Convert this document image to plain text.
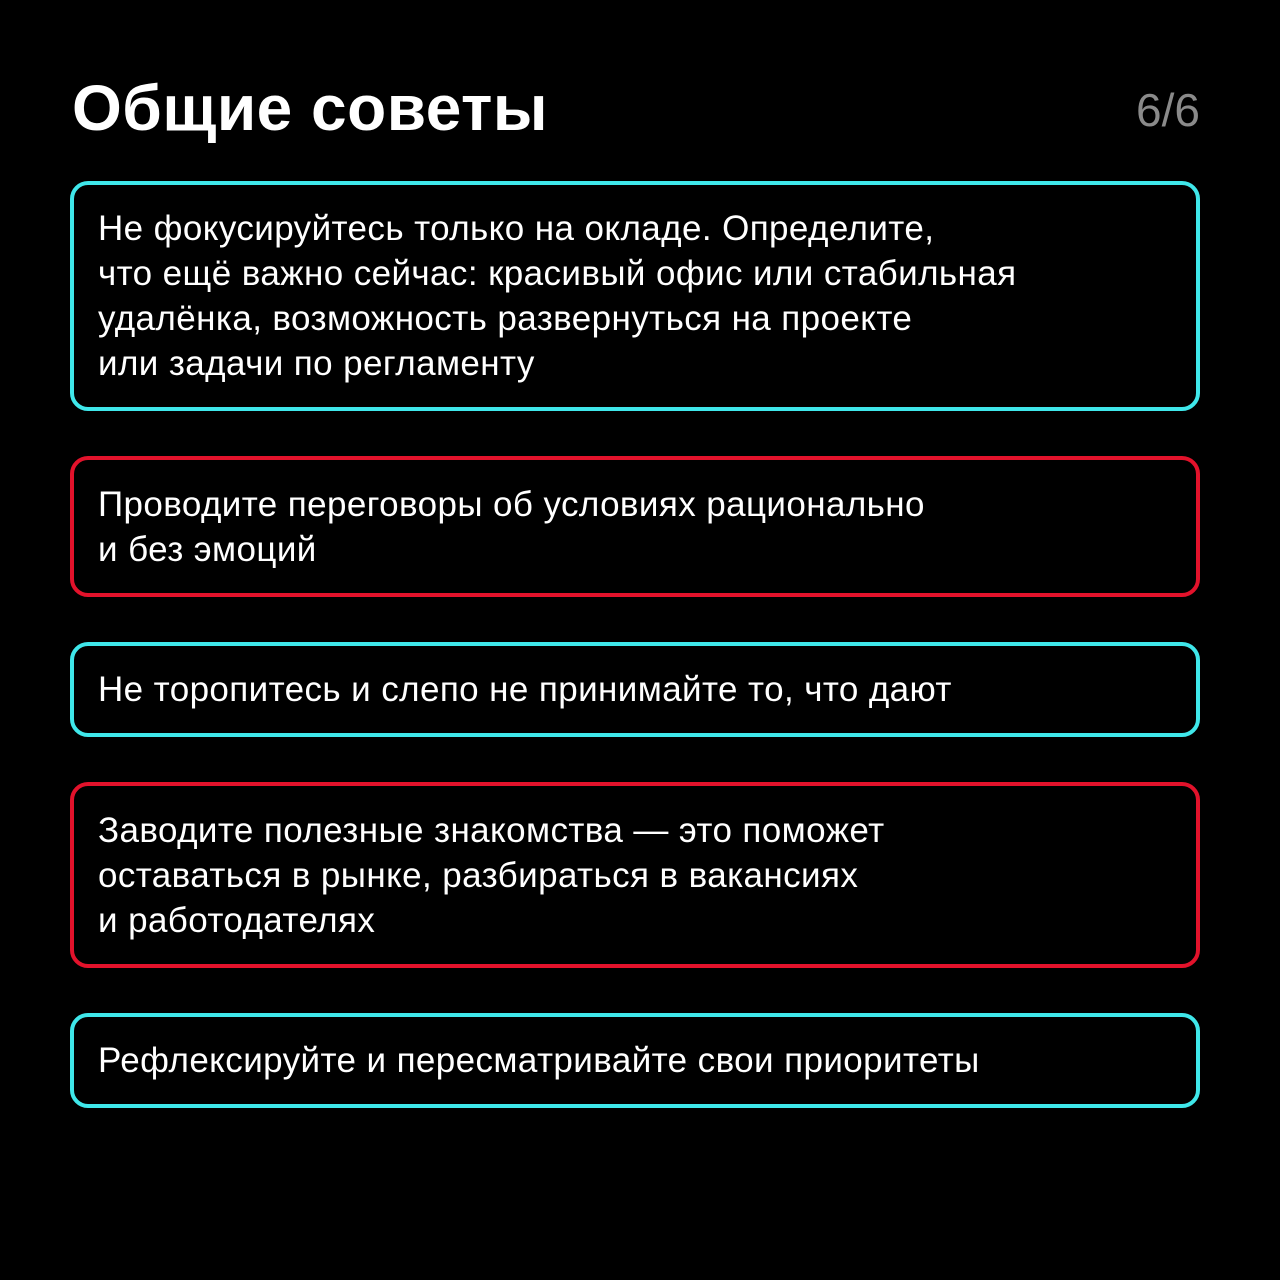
Общие советы	6/6
Не фокусируйтесь только на окладе. Определите,
что ещё важно сейчас: красивый офис или стабильная
удалёнка, возможность развернуться на проекте
или задачи по регламенту
Проводите переговоры об условиях рационально
и без эмоций
Не торопитесь и слепо не принимайте то, что дают
Заводите полезные знакомства — это поможет
оставаться в рынке, разбираться в вакансиях
и работодателях
Рефлексируйте и пересматривайте свои приоритеты
